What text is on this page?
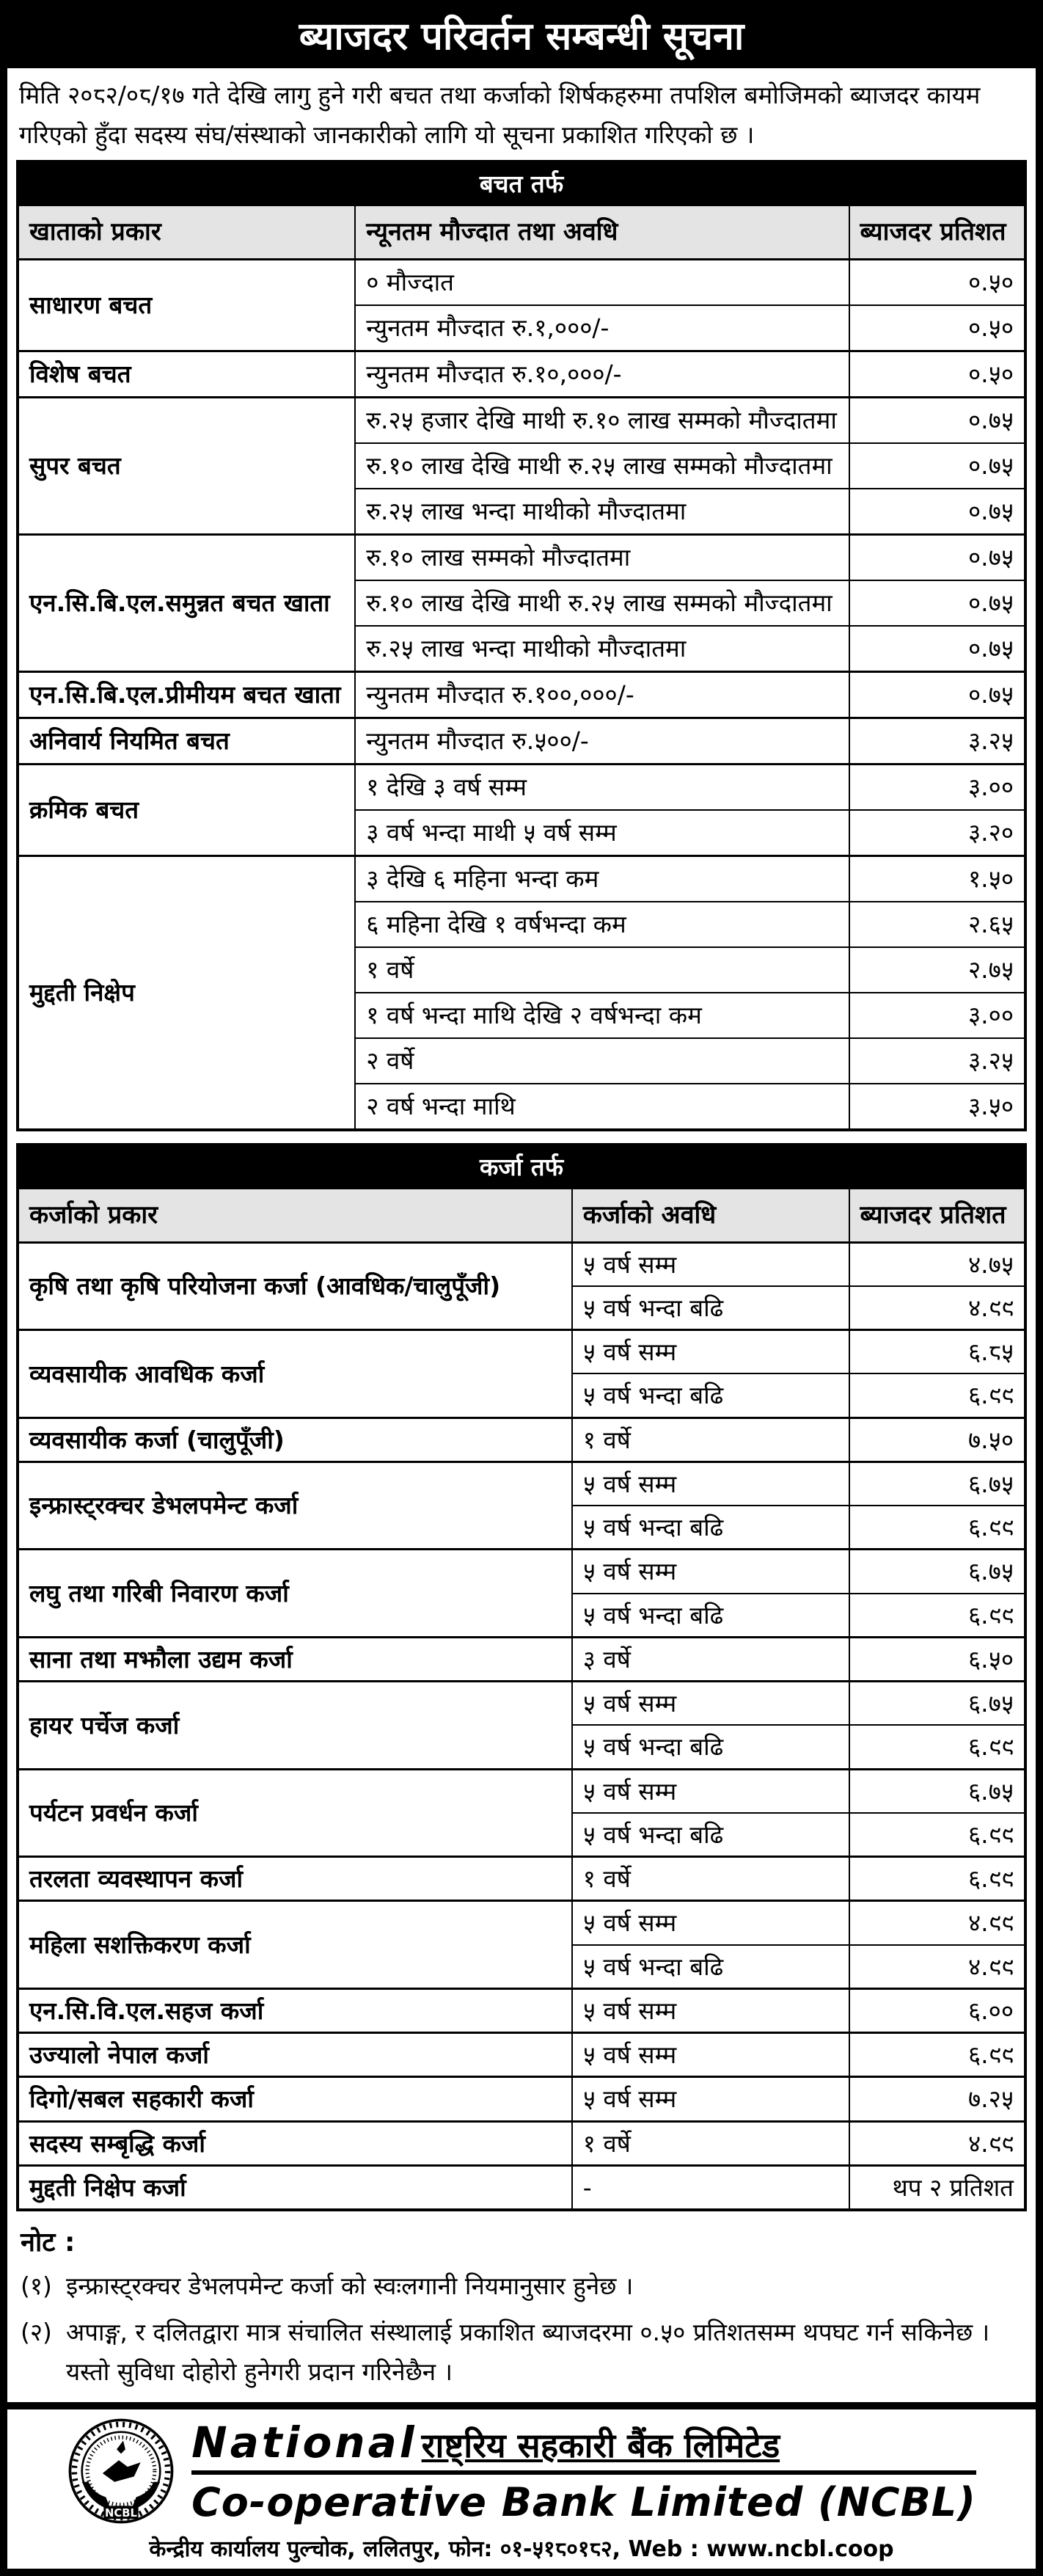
ब्याजदर परिवर्तन सम्बन्धी सूचना

मिति २०८२/०८/१७ गते देखि लागु हुने गरी बचत तथा कर्जाको शिर्षकहरुमा तपशिल बमोजिमको ब्याजदर कायम गरिएको हुँदा सदस्य संघ/संस्थाको जानकारीको लागि यो सूचना प्रकाशित गरिएको छ ।

बचत तर्फ		
खाताको प्रकार	न्यूनतम मौज्दात तथा अवधि	ब्याजदर प्रतिशत
साधारण बचत	० मौज्दात	०.५०
	न्युनतम मौज्दात रु.१,०००/-	०.५०
विशेष बचत	न्युनतम मौज्दात रु.१०,०००/-	०.५०
सुपर बचत	रु.२५ हजार देखि माथी रु.१० लाख सम्मको मौज्दातमा	०.७५
	रु.१० लाख देखि माथी रु.२५ लाख सम्मको मौज्दातमा	०.७५
	रु.२५ लाख भन्दा माथीको मौज्दातमा	०.७५
एन.सि.बि.एल.समुन्नत बचत खाता	रु.१० लाख सम्मको मौज्दातमा	०.७५
	रु.१० लाख देखि माथी रु.२५ लाख सम्मको मौज्दातमा	०.७५
	रु.२५ लाख भन्दा माथीको मौज्दातमा	०.७५
एन.सि.बि.एल.प्रीमीयम बचत खाता	न्युनतम मौज्दात रु.१००,०००/-	०.७५
अनिवार्य नियमित बचत	न्युनतम मौज्दात रु.५००/-	३.२५
क्रमिक बचत	१ देखि ३ वर्ष सम्म	३.००
	३ वर्ष भन्दा माथी ५ वर्ष सम्म	३.२०
मुद्दती निक्षेप	३ देखि ६ महिना भन्दा कम	१.५०
	६ महिना देखि १ वर्षभन्दा कम	२.६५
	१ वर्षे	२.७५
	१ वर्ष भन्दा माथि देखि २ वर्षभन्दा कम	३.००
	२ वर्षे	३.२५
	२ वर्ष भन्दा माथि	३.५०
कर्जा तर्फ		
कर्जाको प्रकार	कर्जाको अवधि	ब्याजदर प्रतिशत
कृषि तथा कृषि परियोजना कर्जा (आवधिक/चालुपूँजी)	५ वर्ष सम्म	४.७५
	५ वर्ष भन्दा बढि	४.९९
व्यवसायीक आवधिक कर्जा	५ वर्ष सम्म	६.८५
	५ वर्ष भन्दा बढि	६.९९
व्यवसायीक कर्जा (चालुपूँजी)	१ वर्षे	७.५०
इन्फ्रास्ट्रक्चर डेभलपमेन्ट कर्जा	५ वर्ष सम्म	६.७५
	५ वर्ष भन्दा बढि	६.९९
लघु तथा गरिबी निवारण कर्जा	५ वर्ष सम्म	६.७५
	५ वर्ष भन्दा बढि	६.९९
साना तथा मझौला उद्यम कर्जा	३ वर्षे	६.५०
हायर पर्चेज कर्जा	५ वर्ष सम्म	६.७५
	५ वर्ष भन्दा बढि	६.९९
पर्यटन प्रवर्धन कर्जा	५ वर्ष सम्म	६.७५
	५ वर्ष भन्दा बढि	६.९९
तरलता व्यवस्थापन कर्जा	१ वर्षे	६.९९
महिला सशक्तिकरण कर्जा	५ वर्ष सम्म	४.९९
	५ वर्ष भन्दा बढि	४.९९
एन.सि.वि.एल.सहज कर्जा	५ वर्ष सम्म	६.००
उज्यालो नेपाल कर्जा	५ वर्ष सम्म	६.९९
दिगो/सबल सहकारी कर्जा	५ वर्ष सम्म	७.२५
सदस्य सम्बृद्धि कर्जा	१ वर्षे	४.९९
मुद्दती निक्षेप कर्जा	-	थप २ प्रतिशत
नोट :
(१) इन्फ्रास्ट्रक्चर डेभलपमेन्ट कर्जा को स्वःलगानी नियमानुसार हुनेछ ।
(२) अपाङ्ग, र दलितद्वारा मात्र संचालित संस्थालाई प्रकाशित ब्याजदरमा ०.५० प्रतिशतसम्म थपघट गर्न सकिनेछ । यस्तो सुविधा दोहोरो हुनेगरी प्रदान गरिनेछैन ।
NCBL
National राष्ट्रिय सहकारी बैंक लिमिटेड
Co-operative Bank Limited (NCBL)
केन्द्रीय कार्यालय पुल्चोक, ललितपुर, फोन: ०१-५१८०१८२, Web : www.ncbl.coop
